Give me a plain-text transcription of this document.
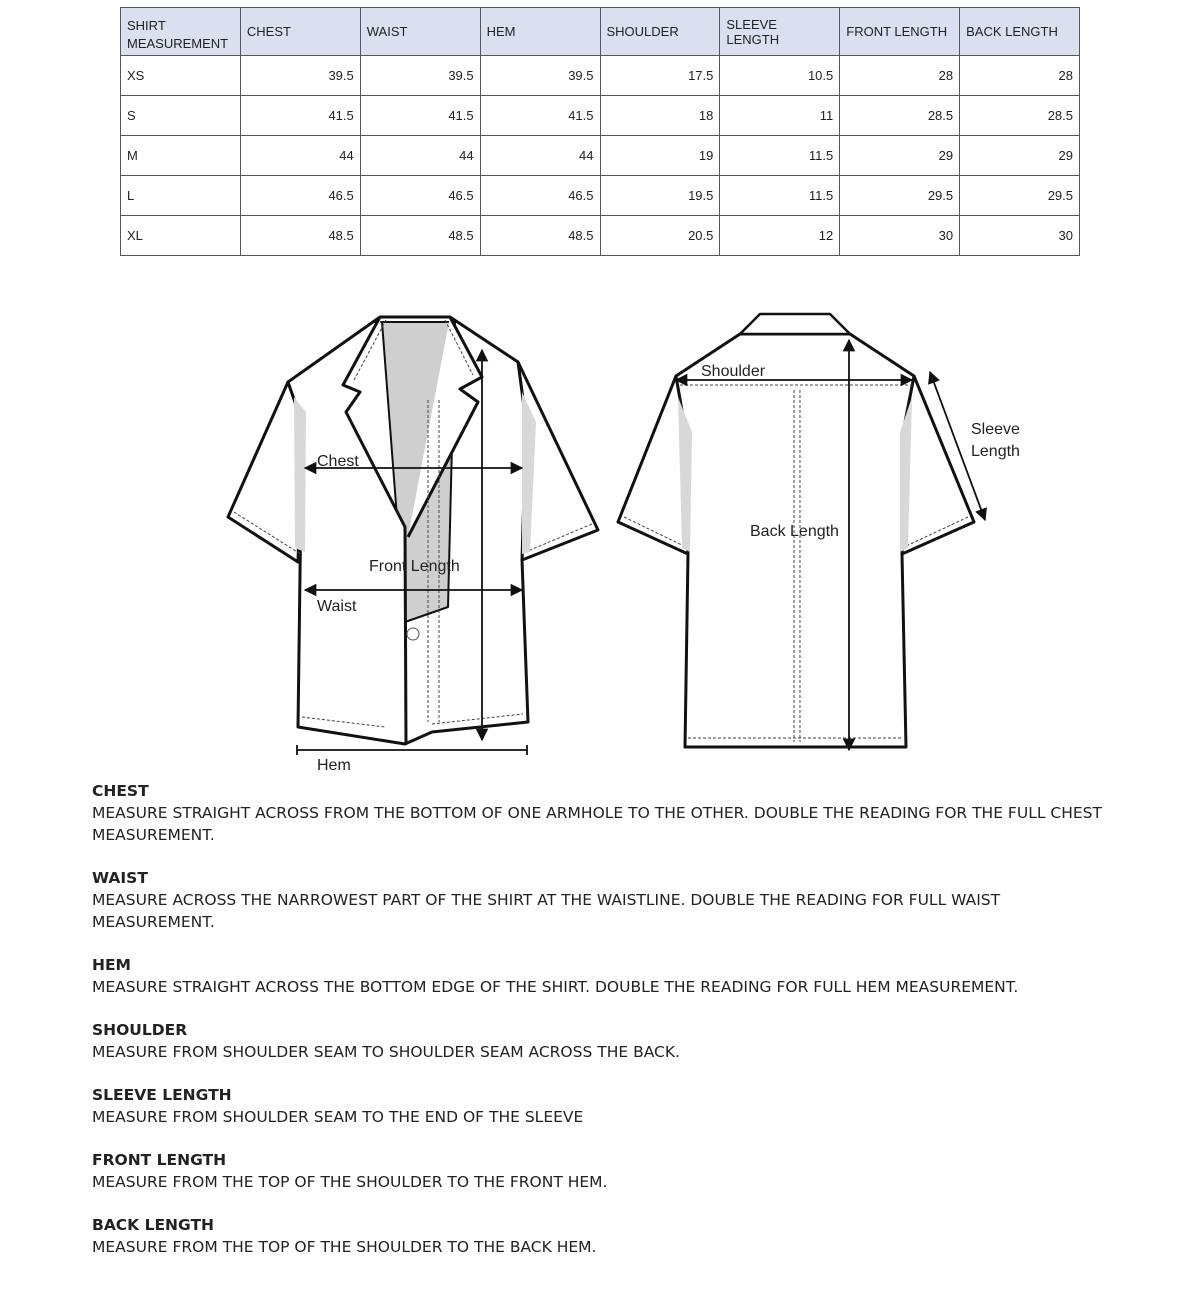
SHIRT MEASUREMENT	CHEST	WAIST	HEM	SHOULDER	SLEEVE LENGTH	FRONT LENGTH	BACK LENGTH
XS	39.5	39.5	39.5	17.5	10.5	28	28
S	41.5	41.5	41.5	18	11	28.5	28.5
M	44	44	44	19	11.5	29	29
L	46.5	46.5	46.5	19.5	11.5	29.5	29.5
XL	48.5	48.5	48.5	20.5	12	30	30
Chest
Waist
Front Length
Hem
Shoulder
Back Length
Sleeve
Length
CHEST
MEASURE STRAIGHT ACROSS FROM THE BOTTOM OF ONE ARMHOLE TO THE OTHER. DOUBLE THE READING FOR THE FULL CHEST MEASUREMENT.
WAIST
MEASURE ACROSS THE NARROWEST PART OF THE SHIRT AT THE WAISTLINE. DOUBLE THE READING FOR FULL WAIST MEASUREMENT.
HEM
MEASURE STRAIGHT ACROSS THE BOTTOM EDGE OF THE SHIRT. DOUBLE THE READING FOR FULL HEM MEASUREMENT.
SHOULDER
MEASURE FROM SHOULDER SEAM TO SHOULDER SEAM ACROSS THE BACK.
SLEEVE LENGTH
MEASURE FROM SHOULDER SEAM TO THE END OF THE SLEEVE
FRONT LENGTH
MEASURE FROM THE TOP OF THE SHOULDER TO THE FRONT HEM.
BACK LENGTH
MEASURE FROM THE TOP OF THE SHOULDER TO THE BACK HEM.
